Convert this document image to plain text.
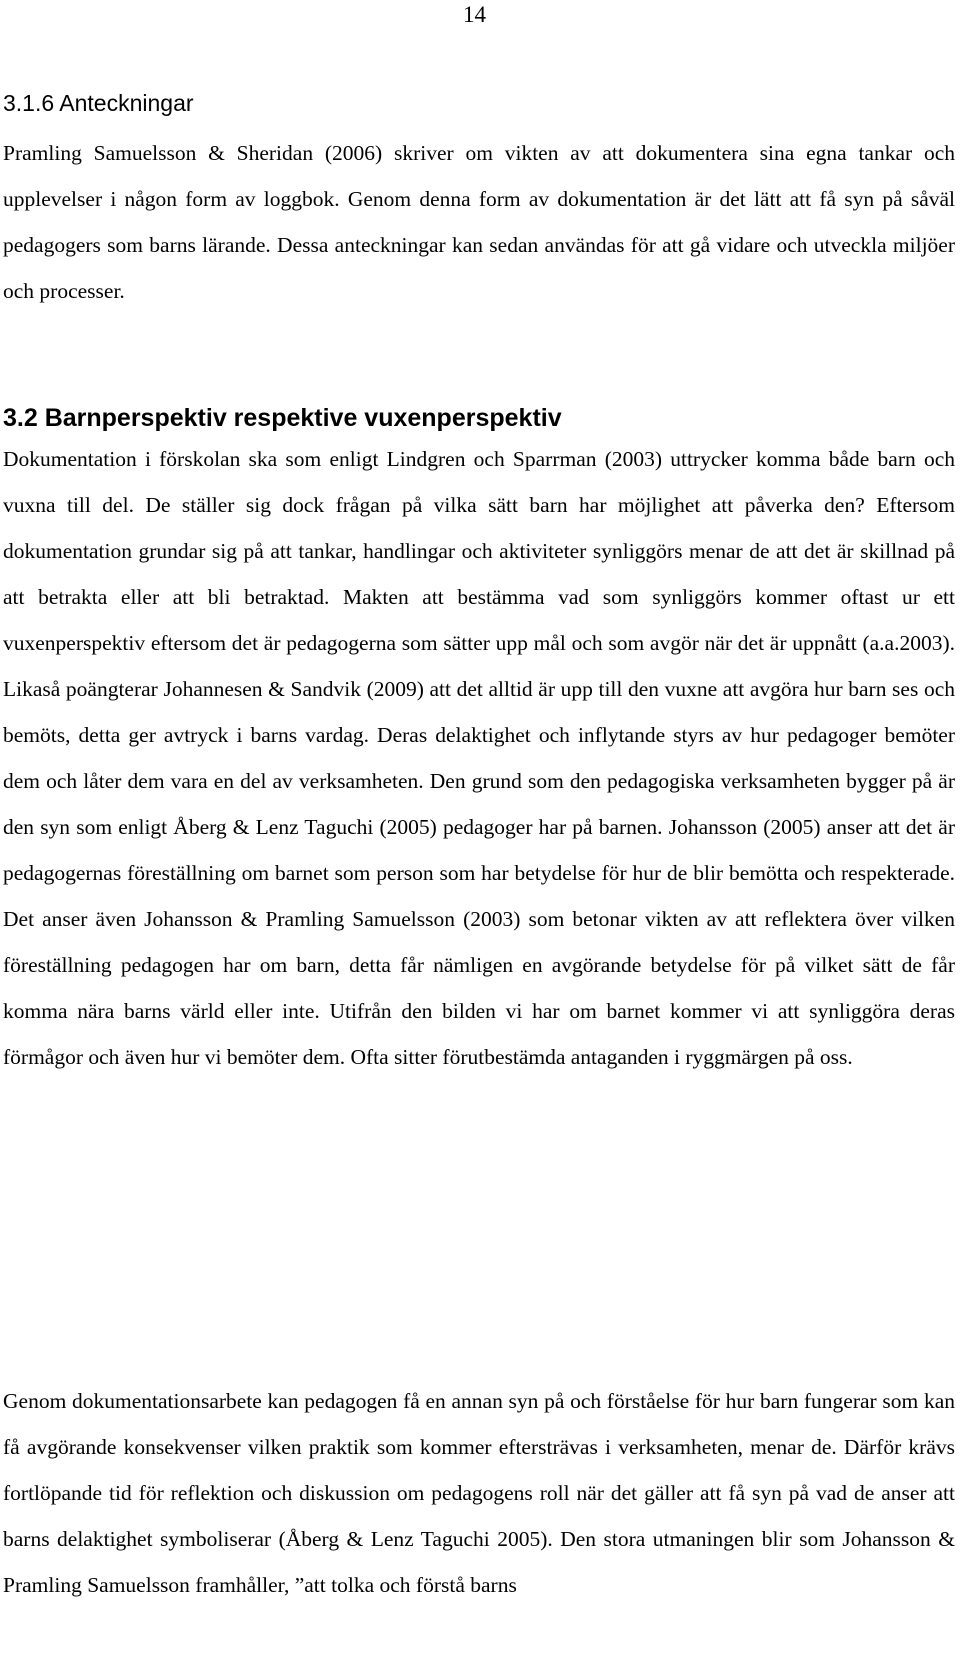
14
3.1.6 Anteckningar

Pramling Samuelsson & Sheridan (2006) skriver om vikten av att dokumentera sina egna tankar och upplevelser i någon form av loggbok. Genom denna form av dokumentation är det lätt att få syn på såväl pedagogers som barns lärande. Dessa anteckningar kan sedan användas för att gå vidare och utveckla miljöer och processer.

3.2 Barnperspektiv respektive vuxenperspektiv

Dokumentation i förskolan ska som enligt Lindgren och Sparrman (2003) uttrycker komma både barn och vuxna till del. De ställer sig dock frågan på vilka sätt barn har möjlighet att påverka den? Eftersom dokumentation grundar sig på att tankar, handlingar och aktiviteter synliggörs menar de att det är skillnad på att betrakta eller att bli betraktad. Makten att bestämma vad som synliggörs kommer oftast ur ett vuxenperspektiv eftersom det är pedagogerna som sätter upp mål och som avgör när det är uppnått (a.a.2003). Likaså poängterar Johannesen & Sandvik (2009) att det alltid är upp till den vuxne att avgöra hur barn ses och bemöts, detta ger avtryck i barns vardag. Deras delaktighet och inflytande styrs av hur pedagoger bemöter dem och låter dem vara en del av verksamheten. Den grund som den pedagogiska verksamheten bygger på är den syn som enligt Åberg & Lenz Taguchi (2005) pedagoger har på barnen. Johansson (2005) anser att det är pedagogernas föreställning om barnet som person som har betydelse för hur de blir bemötta och respekterade. Det anser även Johansson & Pramling Samuelsson (2003) som betonar vikten av att reflektera över vilken föreställning pedagogen har om barn, detta får nämligen en avgörande betydelse för på vilket sätt de får komma nära barns värld eller inte. Utifrån den bilden vi har om barnet kommer vi att synliggöra deras förmågor och även hur vi bemöter dem. Ofta sitter förutbestämda antaganden i ryggmärgen på oss.

Genom dokumentationsarbete kan pedagogen få en annan syn på och förståelse för hur barn fungerar som kan få avgörande konsekvenser vilken praktik som kommer eftersträvas i verksamheten, menar de. Därför krävs fortlöpande tid för reflektion och diskussion om pedagogens roll när det gäller att få syn på vad de anser att barns delaktighet symboliserar (Åberg & Lenz Taguchi 2005). Den stora utmaningen blir som Johansson & Pramling Samuelsson framhåller, ”att tolka och förstå barns
